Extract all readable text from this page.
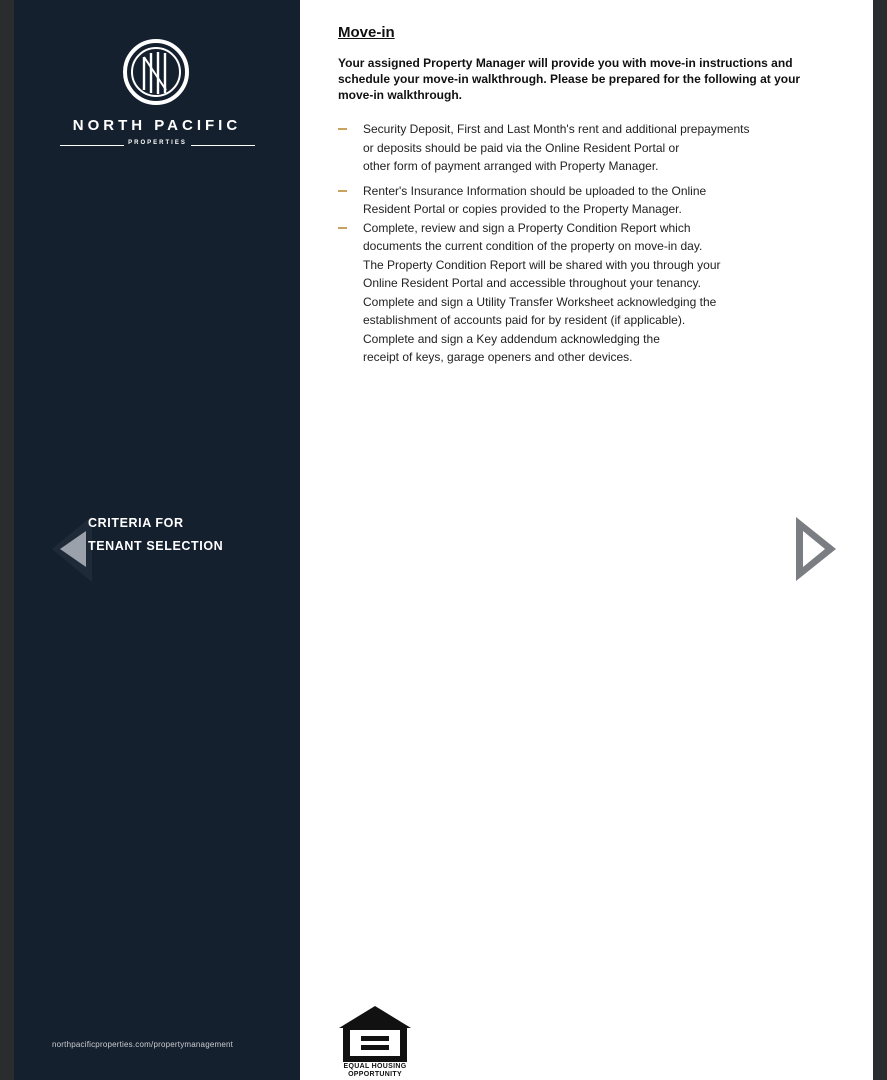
NORTH PACIFIC
PROPERTIES
CRITERIA FOR
TENANT SELECTION
northpacificproperties.com/propertymanagement
Move-in
Your assigned Property Manager will provide you with move-in instructions and schedule your move-in walkthrough. Please be prepared for the following at your move-in walkthrough.
Security Deposit, First and Last Month's rent and additional prepayments
or deposits should be paid via the Online Resident Portal or
other form of payment arranged with Property Manager.
Renter's Insurance Information should be uploaded to the Online
Resident Portal or copies provided to the Property Manager.
Complete, review and sign a Property Condition Report which
documents the current condition of the property on move-in day.
The Property Condition Report will be shared with you through your
Online Resident Portal and accessible throughout your tenancy.
Complete and sign a Utility Transfer Worksheet acknowledging the
establishment of accounts paid for by resident (if applicable).
Complete and sign a Key addendum acknowledging the
receipt of keys, garage openers and other devices.
EQUAL HOUSING
OPPORTUNITY
